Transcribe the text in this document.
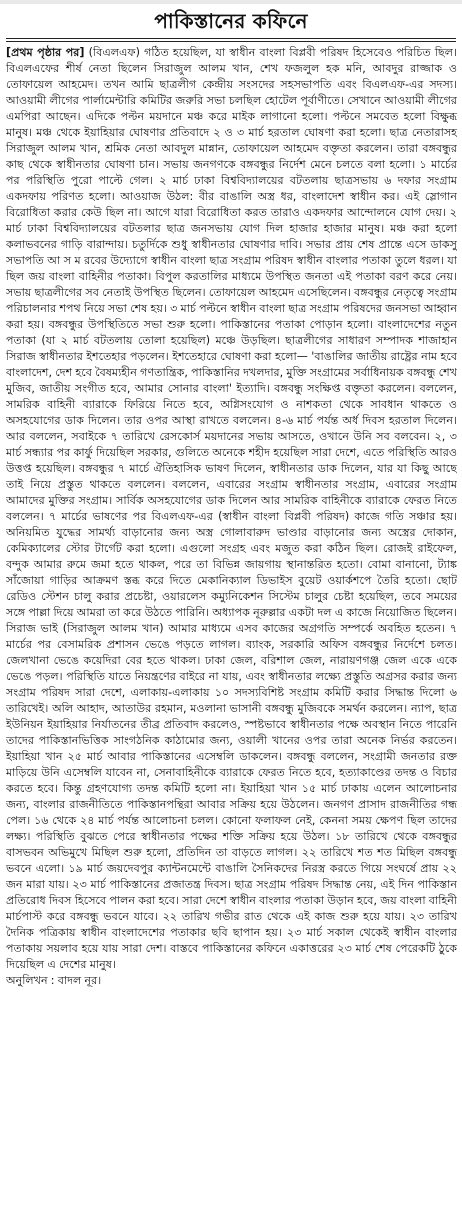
পাকিস্তানের কফিনে

[প্রথম পৃষ্ঠার পর] (বিএলএফ) গঠিত হয়েছিল, যা স্বাধীন বাংলা বিপ্লবী পরিষদ হিসেবেও পরিচিত ছিল। বিএলএফের শীর্ষ নেতা ছিলেন সিরাজুল আলম খান, শেখ ফজলুল হক মনি, আবদুর রাজ্জাক ও তোফায়েল আহমেদ। তখন আমি ছাত্রলীগ কেন্দ্রীয় সংসদের সহসভাপতি এবং বিএলএফ-এর সদস্য। আওয়ামী লীগের পার্লামেন্টারি কমিটির জরুরি সভা চলছিল হোটেল পূর্বাণীতে। সেখানে আওয়ামী লীগের এমপিরা আছেন। এদিকে পল্টন ময়দানে মঞ্চ করে মাইক লাগানো হলো। পল্টনে সমবেত হলো বিক্ষুব্ধ মানুষ। মঞ্চ থেকে ইয়াহিয়ার ঘোষণার প্রতিবাদে ২ ও ৩ মার্চ হরতাল ঘোষণা করা হলো। ছাত্র নেতারাসহ সিরাজুল আলম খান, শ্রমিক নেতা আবদুল মান্নান, তোফায়েল আহমেদ বক্তৃতা করলেন। তারা বঙ্গবন্ধুর কাছ থেকে স্বাধীনতার ঘোষণা চান। সভায় জনগণকে বঙ্গবন্ধুর নির্দেশ মেনে চলতে বলা হলো। ১ মার্চের পর পরিস্থিতি পুরো পাল্টে গেল। ২ মার্চ ঢাকা বিশ্ববিদ্যালয়ের বটতলায় ছাত্রসভায় ৬ দফার সংগ্রাম একদফায় পরিণত হলো। আওয়াজ উঠল: বীর বাঙালি অস্ত্র ধর, বাংলাদেশ স্বাধীন কর। এই স্লোগান বিরোধিতা করার কেউ ছিল না। আগে যারা বিরোধিতা করত তারাও একদফার আন্দোলনে যোগ দেয়। ২ মার্চ ঢাকা বিশ্ববিদ্যালয়ের বটতলার ছাত্র জনসভায় যোগ দিল হাজার হাজার মানুষ। মঞ্চ করা হলো কলাভবনের গাড়ি বারান্দায়। চতুর্দিকে শুধু স্বাধীনতার ঘোষণার দাবি। সভার প্রায় শেষ প্রান্তে এসে ডাকসু সভাপতি আ স ম রবের উদ্যোগে স্বাধীন বাংলা ছাত্র সংগ্রাম পরিষদ স্বাধীন বাংলার পতাকা তুলে ধরল। যা ছিল জয় বাংলা বাহিনীর পতাকা। বিপুল করতালির মাধ্যমে উপস্থিত জনতা এই পতাকা বরণ করে নেয়। সভায় ছাত্রলীগের সব নেতাই উপস্থিত ছিলেন। তোফায়েল আহমেদ এসেছিলেন। বঙ্গবন্ধুর নেতৃত্বে সংগ্রাম পরিচালনার শপথ নিয়ে সভা শেষ হয়। ৩ মার্চ পল্টনে স্বাধীন বাংলা ছাত্র সংগ্রাম পরিষদের জনসভা আহ্বান করা হয়। বঙ্গবন্ধুর উপস্থিতিতে সভা শুরু হলো। পাকিস্তানের পতাকা পোড়ান হলো। বাংলাদেশের নতুন পতাকা (যা ২ মার্চ বটতলায় তোলা হয়েছিল) মঞ্চে উড়ছিল। ছাত্রলীগের সাধারণ সম্পাদক শাজাহান সিরাজ স্বাধীনতার ইশতেহার পড়লেন। ইশতেহারে ঘোষণা করা হলো— 'বাঙালির জাতীয় রাষ্ট্রের নাম হবে বাংলাদেশ, দেশ হবে বৈষম্যহীন গণতান্ত্রিক, পাকিস্তানির দখলদার, মুক্তি সংগ্রামের সর্বাধিনায়ক বঙ্গবন্ধু শেখ মুজিব, জাতীয় সংগীত হবে, আমার সোনার বাংলা' ইত্যাদি। বঙ্গবন্ধু সংক্ষিপ্ত বক্তৃতা করলেন। বললেন, সামরিক বাহিনী ব্যারাকে ফিরিয়ে নিতে হবে, অগ্নিসংযোগ ও নাশকতা থেকে সাবধান থাকতে ও অসহযোগের ডাক দিলেন। তার ওপর আস্থা রাখতে বললেন। ৪-৬ মার্চ পর্যন্ত অর্ধ দিবস হরতাল দিলেন। আর বললেন, সবাইকে ৭ তারিখে রেসকোর্স ময়দানের সভায় আসতে, ওখানে উনি সব বলবেন। ২, ৩ মার্চ সন্ধ্যার পর কার্ফু দিয়েছিল সরকার, গুলিতে অনেকে শহীদ হয়েছিল সারা দেশে, এতে পরিস্থিতি আরও উত্তপ্ত হয়েছিল। বঙ্গবন্ধুর ৭ মার্চে ঐতিহাসিক ভাষণ দিলেন, স্বাধীনতার ডাক দিলেন, যার যা কিছু আছে তাই নিয়ে প্রস্তুত থাকতে বললেন। বললেন, এবারের সংগ্রাম স্বাধীনতার সংগ্রাম, এবারের সংগ্রাম আমাদের মুক্তির সংগ্রাম। সার্বিক অসহযোগের ডাক দিলেন আর সামরিক বাহিনীকে ব্যারাকে ফেরত নিতে বললেন। ৭ মার্চের ভাষণের পর বিএলএফ-এর (স্বাধীন বাংলা বিপ্লবী পরিষদ) কাজে গতি সঞ্চার হয়। অনিয়মিত যুদ্ধের সামর্থ্য বাড়ানোর জন্য অস্ত্র গোলাবারুদ ভাণ্ডার বাড়ানোর জন্য অস্ত্রের দোকান, কেমিক্যালের স্টোর টার্গেট করা হলো। এগুলো সংগ্রহ এবং মজুত করা কঠিন ছিল। রোজই রাইফেল, বন্দুক আমার রুমে জমা হতে থাকল, পরে তা বিভিন্ন জায়গায় স্থানান্তরিত হতো। বোমা বানানো, ট্যাঙ্ক সাঁজোয়া গাড়ির আক্রমণ স্তব্ধ করে দিতে মেকানিক্যাল ডিভাইস বুয়েট ওয়ার্কশপে তৈরি হতো। ছোট রেডিও স্টেশন চালু করার প্রচেষ্টা, ওয়ারলেস কম্যুনিকেশন সিস্টেম চালুর চেষ্টা হয়েছিল, তবে সময়ের সঙ্গে পাল্লা দিয়ে আমরা তা করে উঠতে পারিনি। অধ্যাপক নূরুল্লার একটা দল এ কাজে নিয়োজিত ছিলেন। সিরাজ ভাই (সিরাজুল আলম খান) আমার মাধ্যমে এসব কাজের অগ্রগতি সম্পর্কে অবহিত হতেন। ৭ মার্চের পর বেসামরিক প্রশাসন ভেঙে পড়তে লাগল। ব্যাংক, সরকারি অফিস বঙ্গবন্ধুর নির্দেশে চলত। জেলখানা ভেঙে কয়েদিরা বের হতে থাকল। ঢাকা জেল, বরিশাল জেল, নারায়ণগঞ্জ জেল একে একে ভেঙে পড়ল। পরিস্থিতি যাতে নিয়ন্ত্রণের বাইরে না যায়, এবং স্বাধীনতার লক্ষ্যে প্রস্তুতি অগ্রসর করার জন্য সংগ্রাম পরিষদ সারা দেশে, এলাকায়-এলাকায় ১০ সদস্যবিশিষ্ট সংগ্রাম কমিটি করার সিদ্ধান্ত দিলো ৬ তারিখেই। অলি আহাদ, আতাউর রহমান, মওলানা ভাসানী বঙ্গবন্ধু মুজিবকে সমর্থন করলেন। ন্যাপ, ছাত্র ইউনিয়ন ইয়াহিয়ার নির্যাতনের তীব্র প্রতিবাদ করলেও, স্পষ্টভাবে স্বাধীনতার পক্ষে অবস্থান নিতে পারেনি তাদের পাকিস্তানভিত্তিক সাংগঠনিক কাঠামোর জন্য, ওয়ালী খানের ওপর তারা অনেক নির্ভর করতেন। ইয়াহিয়া খান ২৫ মার্চ আবার পাকিস্তানের এসেম্বলি ডাকলেন। বঙ্গবন্ধু বললেন, সংগ্রামী জনতার রক্ত মাড়িয়ে উনি এসেম্বলি যাবেন না, সেনাবাহিনীকে ব্যারাকে ফেরত নিতে হবে, হত্যাকাণ্ডের তদন্ত ও বিচার করতে হবে। কিন্তু গ্রহণযোগ্য তদন্ত কমিটি হলো না। ইয়াহিয়া খান ১৫ মার্চ ঢাকায় এলেন আলোচনার জন্য, বাংলার রাজনীতিতে পাকিস্তানপন্থিরা আবার সক্রিয় হয়ে উঠলেন। জনগণ প্রাসাদ রাজনীতির গন্ধ পেল। ১৬ থেকে ২৪ মার্চ পর্যন্ত আলোচনা চলল। কোনো ফলাফল নেই, কেননা সময় ক্ষেপণ ছিল তাদের লক্ষ্য। পরিস্থিতি বুঝতে পেরে স্বাধীনতার পক্ষের শক্তি সক্রিয় হয়ে উঠল। ১৮ তারিখে থেকে বঙ্গবন্ধুর বাসভবন অভিমুখে মিছিল শুরু হলো, প্রতিদিন তা বাড়তে লাগল। ২২ তারিখে শত শত মিছিল বঙ্গবন্ধু ভবনে এলো। ১৯ মার্চ জয়দেবপুর ক্যান্টনমেন্টে বাঙালি সৈনিকদের নিরস্ত্র করতে গিয়ে সংঘর্ষে প্রায় ২২ জন মারা যায়। ২৩ মার্চ পাকিস্তানের প্রজাতন্ত্র দিবস। ছাত্র সংগ্রাম পরিষদ সিদ্ধান্ত নেয়, এই দিন পাকিস্তান প্রতিরোধ দিবস হিসেবে পালন করা হবে। সারা দেশে স্বাধীন বাংলার পতাকা উড়ান হবে, জয় বাংলা বাহিনী মার্চপাস্ট করে বঙ্গবন্ধু ভবনে যাবে। ২২ তারিখ গভীর রাত থেকে এই কাজ শুরু হয়ে যায়। ২৩ তারিখ দৈনিক পত্রিকায় স্বাধীন বাংলাদেশের পতাকার ছবি ছাপান হয়। ২৩ মার্চ সকাল থেকেই স্বাধীন বাংলার পতাকায় সয়লাব হয়ে যায় সারা দেশ। বাস্তবে পাকিস্তানের কফিনে একাত্তরের ২৩ মার্চ শেষ পেরেকটি ঠুকে দিয়েছিল এ দেশের মানুষ।
অনুলিখন : বাদল নূর।
